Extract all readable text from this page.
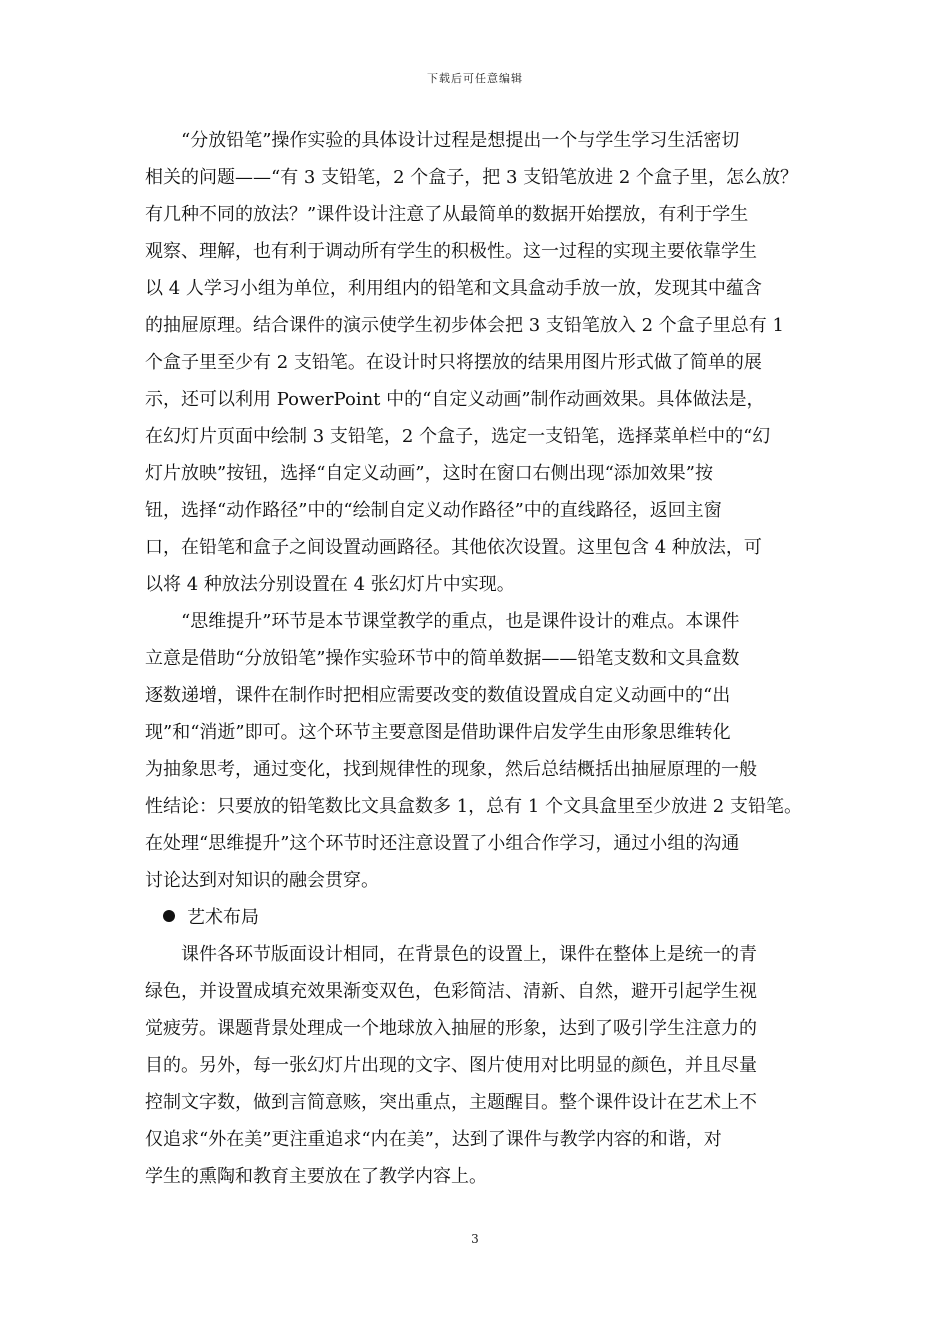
下载后可任意编辑
　　“分放铅笔”操作实验的具体设计过程是想提出一个与学生学习生活密切
相关的问题——“有 3 支铅笔，2 个盒子，把 3 支铅笔放进 2 个盒子里，怎么放？
有几种不同的放法？”课件设计注意了从最简单的数据开始摆放，有利于学生
观察、理解，也有利于调动所有学生的积极性。这一过程的实现主要依靠学生
以 4 人学习小组为单位，利用组内的铅笔和文具盒动手放一放，发现其中蕴含
的抽屉原理。结合课件的演示使学生初步体会把 3 支铅笔放入 2 个盒子里总有 1
个盒子里至少有 2 支铅笔。在设计时只将摆放的结果用图片形式做了简单的展
示，还可以利用 PowerPoint 中的“自定义动画”制作动画效果。具体做法是，
在幻灯片页面中绘制 3 支铅笔，2 个盒子，选定一支铅笔，选择菜单栏中的“幻
灯片放映”按钮，选择“自定义动画”，这时在窗口右侧出现“添加效果”按
钮，选择“动作路径”中的“绘制自定义动作路径”中的直线路径，返回主窗
口，在铅笔和盒子之间设置动画路径。其他依次设置。这里包含 4 种放法，可
以将 4 种放法分别设置在 4 张幻灯片中实现。
　　“思维提升”环节是本节课堂教学的重点，也是课件设计的难点。本课件
立意是借助“分放铅笔”操作实验环节中的简单数据——铅笔支数和文具盒数
逐数递增，课件在制作时把相应需要改变的数值设置成自定义动画中的“出
现”和“消逝”即可。这个环节主要意图是借助课件启发学生由形象思维转化
为抽象思考，通过变化，找到规律性的现象，然后总结概括出抽屉原理的一般
性结论：只要放的铅笔数比文具盒数多 1，总有 1 个文具盒里至少放进 2 支铅笔。
在处理“思维提升”这个环节时还注意设置了小组合作学习，通过小组的沟通
讨论达到对知识的融会贯穿。
艺术布局
　　课件各环节版面设计相同，在背景色的设置上，课件在整体上是统一的青
绿色，并设置成填充效果渐变双色，色彩简洁、清新、自然，避开引起学生视
觉疲劳。课题背景处理成一个地球放入抽屉的形象，达到了吸引学生注意力的
目的。另外，每一张幻灯片出现的文字、图片使用对比明显的颜色，并且尽量
控制文字数，做到言简意赅，突出重点，主题醒目。整个课件设计在艺术上不
仅追求“外在美”更注重追求“内在美”，达到了课件与教学内容的和谐，对
学生的熏陶和教育主要放在了教学内容上。
3
